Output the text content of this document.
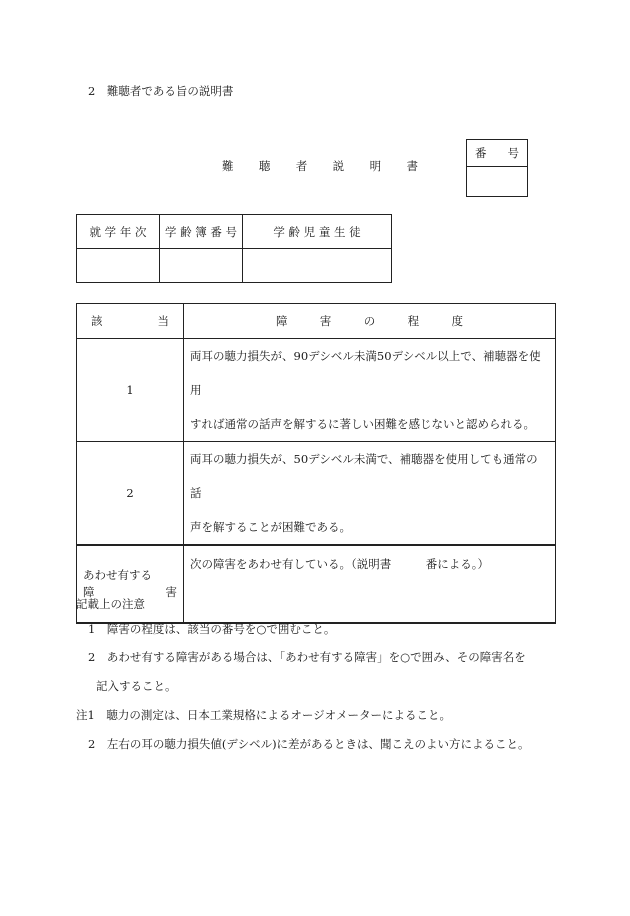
2　難聴者である旨の説明書
難 聴 者 説 明 書
番 号

就 学 年 次	学 齢 簿 番 号	学 齢 児 童 生 徒

該 当	障 害 の 程 度

1	両耳の聴力損失が、90デシベル未満50デシベル以上で、補聴器を使用
すれば通常の話声を解するに著しい困難を感じないと認められる。

2	両耳の聴力損失が、50デシベル未満で、補聴器を使用しても通常の話
声を解することが困難である。

あわせ有する
障 害	次の障害をあわせ有している。（説明書　　　番による。）
記載上の注意
1　障害の程度は、該当の番号を○で囲むこと。
2　あわせ有する障害がある場合は、「あわせ有する障害」を○で囲み、その障害名を
記入すること。
注1　聴力の測定は、日本工業規格によるオージオメーターによること。
2　左右の耳の聴力損失値(デシベル)に差があるときは、聞こえのよい方によること。
